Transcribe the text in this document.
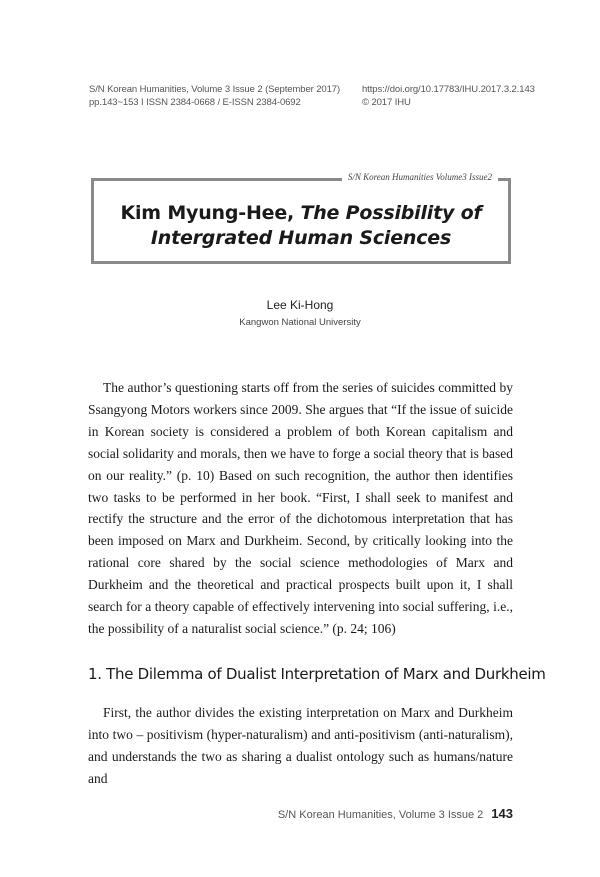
S/N Korean Humanities, Volume 3 Issue 2 (September 2017)
pp.143~153 I ISSN 2384-0668 / E-ISSN 2384-0692
https://doi.org/10.17783/IHU.2017.3.2.143
© 2017 IHU
S/N Korean Humanities Volume3 Issue2
Kim Myung-Hee, The Possibility of
Intergrated Human Sciences
Lee Ki-Hong
Kangwon National University

The author’s questioning starts off from the series of suicides committed by Ssangyong Motors workers since 2009. She argues that “If the issue of suicide in Korean society is considered a problem of both Korean capitalism and social solidarity and morals, then we have to forge a social theory that is based on our reality.” (p. 10) Based on such recognition, the author then identifies two tasks to be performed in her book. “First, I shall seek to manifest and rectify the structure and the error of the dichotomous interpretation that has been imposed on Marx and Durkheim. Second, by critically looking into the rational core shared by the social science methodologies of Marx and Durkheim and the theoretical and practical prospects built upon it, I shall search for a theory capable of effectively intervening into social suffering, i.e., the possibility of a naturalist social science.” (p. 24; 106)

1. The Dilemma of Dualist Interpretation of Marx and Durkheim

First, the author divides the existing interpretation on Marx and Durkheim into two – positivism (hyper-naturalism) and anti-positivism (anti-naturalism), and understands the two as sharing a dualist ontology such as humans/nature and

S/N Korean Humanities, Volume 3 Issue 2 143
